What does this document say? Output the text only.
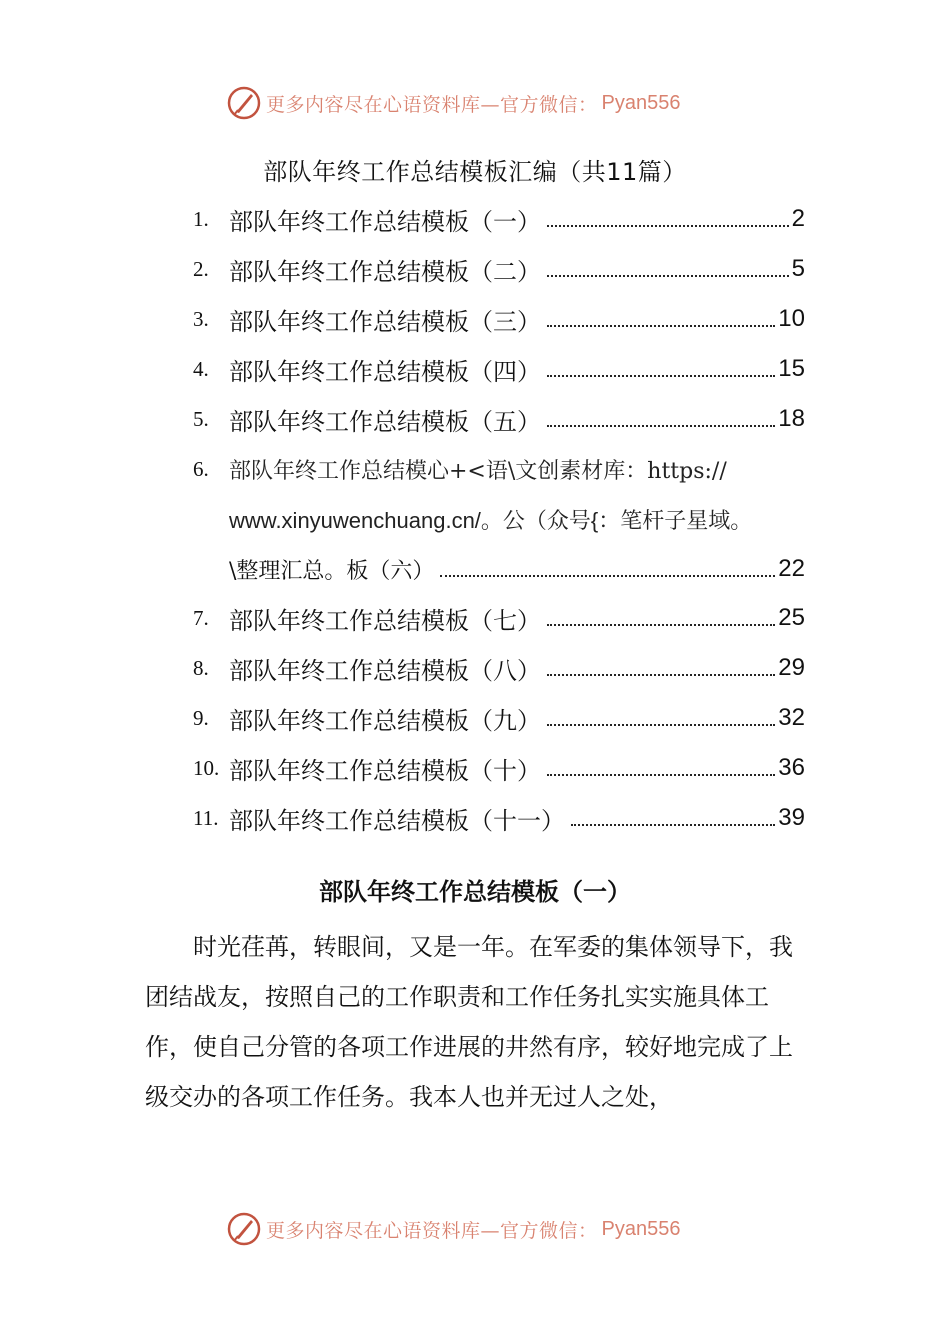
更多内容尽在心语资料库—官方微信： Pyan556
部队年终工作总结模板汇编（共11篇）
1. 部队年终工作总结模板（一）	2
2. 部队年终工作总结模板（二）	5
3. 部队年终工作总结模板（三）	10
4. 部队年终工作总结模板（四）	15
5. 部队年终工作总结模板（五）	18
6. 部队年终工作总结模心+<语\文创素材库：https://
www.xinyuwenchuang.cn/。公（众号{：笔杆子星域。
\整理汇总。板（六）	22
7. 部队年终工作总结模板（七）	25
8. 部队年终工作总结模板（八）	29
9. 部队年终工作总结模板（九）	32
10. 部队年终工作总结模板（十）	36
11. 部队年终工作总结模板（十一）	39
部队年终工作总结模板（一）

时光荏苒，转眼间，又是一年。在军委的集体领导下，我团结战友，按照自己的工作职责和工作任务扎实实施具体工作，使自己分管的各项工作进展的井然有序，较好地完成了上级交办的各项工作任务。我本人也并无过人之处，

更多内容尽在心语资料库—官方微信： Pyan556
